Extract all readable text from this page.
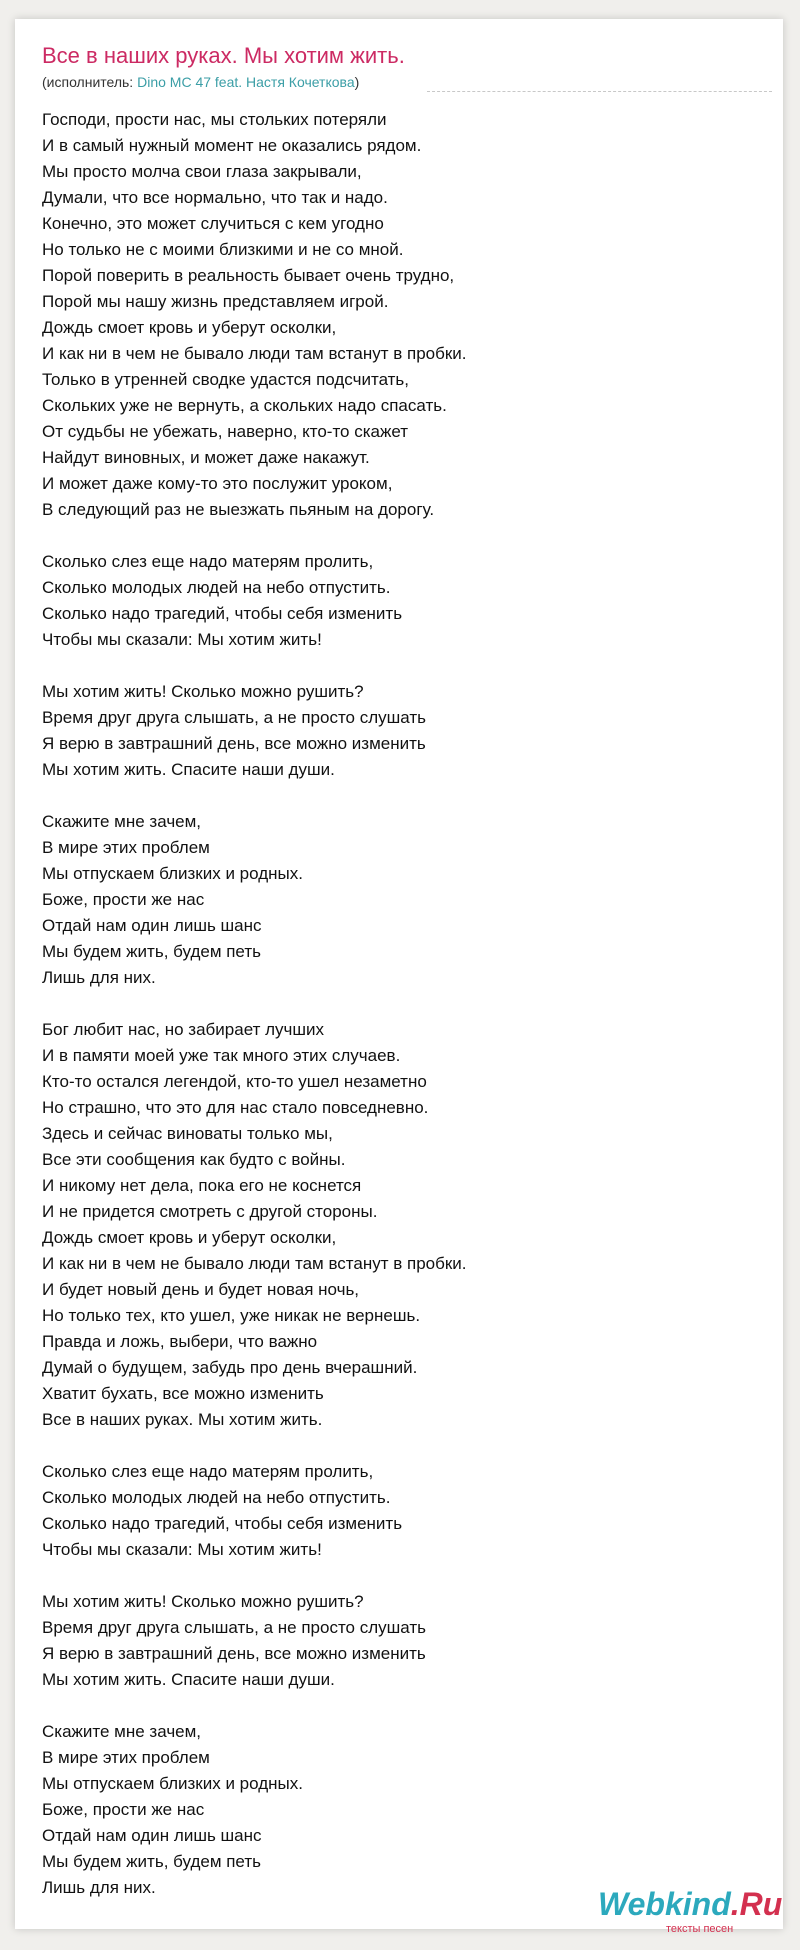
Все в наших руках. Мы хотим жить.
(исполнитель: Dino MC 47 feat. Настя Кочеткова)
Господи, прости нас, мы стольких потеряли
И в самый нужный момент не оказались рядом.
Мы просто молча свои глаза закрывали,
Думали, что все нормально, что так и надо.
Конечно, это может случиться с кем угодно
Но только не с моими близкими и не со мной.
Порой поверить в реальность бывает очень трудно,
Порой мы нашу жизнь представляем игрой.
Дождь смоет кровь и уберут осколки,
И как ни в чем не бывало люди там встанут в пробки.
Только в утренней сводке удастся подсчитать,
Скольких уже не вернуть, а скольких надо спасать.
От судьбы не убежать, наверно, кто-то скажет
Найдут виновных, и может даже накажут.
И может даже кому-то это послужит уроком,
В следующий раз не выезжать пьяным на дорогу.
Сколько слез еще надо матерям пролить,
Сколько молодых людей на небо отпустить.
Сколько надо трагедий, чтобы себя изменить
Чтобы мы сказали: Мы хотим жить!
Мы хотим жить! Сколько можно рушить?
Время друг друга слышать, а не просто слушать
Я верю в завтрашний день, все можно изменить
Мы хотим жить. Спасите наши души.
Скажите мне зачем,
В мире этих проблем
Мы отпускаем близких и родных.
Боже, прости же нас
Отдай нам один лишь шанс
Мы будем жить, будем петь
Лишь для них.
Бог любит нас, но забирает лучших
И в памяти моей уже так много этих случаев.
Кто-то остался легендой, кто-то ушел незаметно
Но страшно, что это для нас стало повседневно.
Здесь и сейчас виноваты только мы,
Все эти сообщения как будто с войны.
И никому нет дела, пока его не коснется
И не придется смотреть с другой стороны.
Дождь смоет кровь и уберут осколки,
И как ни в чем не бывало люди там встанут в пробки.
И будет новый день и будет новая ночь,
Но только тех, кто ушел, уже никак не вернешь.
Правда и ложь, выбери, что важно
Думай о будущем, забудь про день вчерашний.
Хватит бухать, все можно изменить
Все в наших руках. Мы хотим жить.
Сколько слез еще надо матерям пролить,
Сколько молодых людей на небо отпустить.
Сколько надо трагедий, чтобы себя изменить
Чтобы мы сказали: Мы хотим жить!
Мы хотим жить! Сколько можно рушить?
Время друг друга слышать, а не просто слушать
Я верю в завтрашний день, все можно изменить
Мы хотим жить. Спасите наши души.
Скажите мне зачем,
В мире этих проблем
Мы отпускаем близких и родных.
Боже, прости же нас
Отдай нам один лишь шанс
Мы будем жить, будем петь
Лишь для них.	Webkind.Ru
тексты песен
